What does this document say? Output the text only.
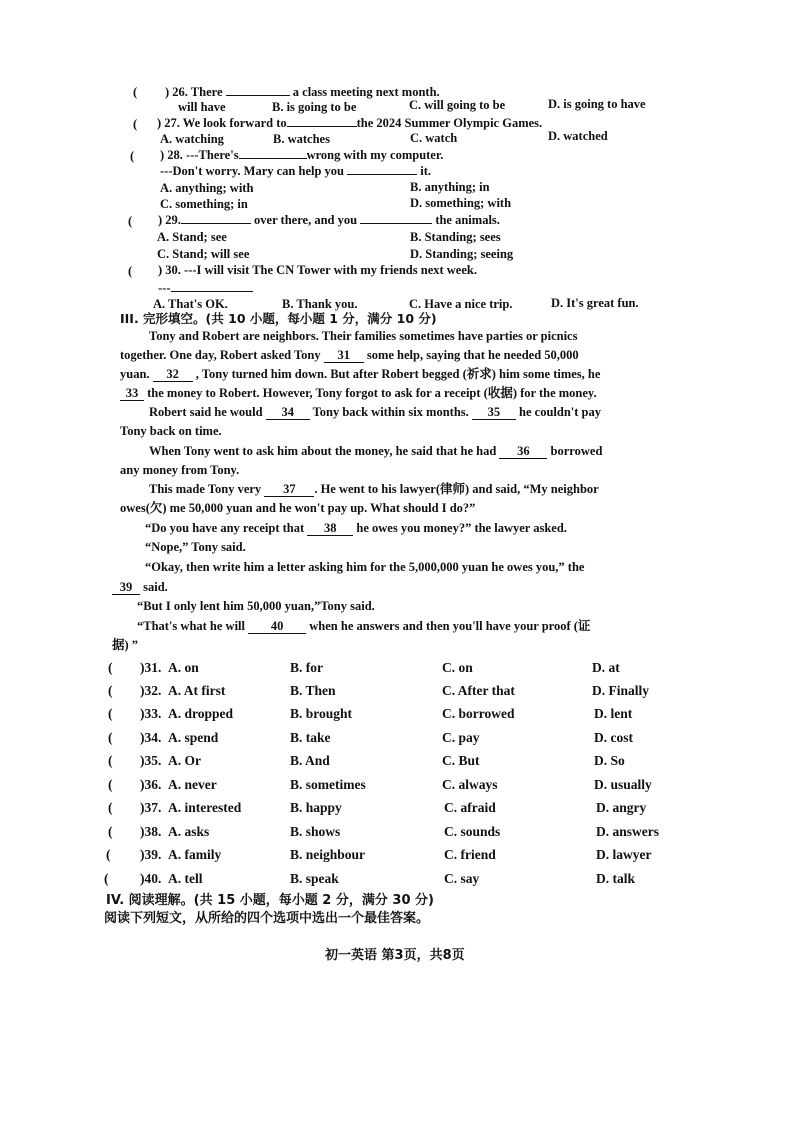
( ) 26. There	a class meeting next month.
will have	B. is going to be	C. will going to be	D. is going to have
( ) 27. We look forward to	the 2024 Summer Olympic Games.
A. watching	B. watches	C. watch	D. watched
( ) 28. ---There's	wrong with my computer.
---Don't worry. Mary can help you	it.
A. anything; with	B. anything; in
C. something; in	D. something; with
( ) 29.	over there, and you	the animals.
A. Stand; see	B. Standing; sees
C. Stand; will see	D. Standing; seeing
( ) 30. ---I will visit The CN Tower with my friends next week.
---
A. That's OK.	B. Thank you.	C. Have a nice trip.	D. It's great fun.
III. 完形填空。(共 10 小题，每小题 1 分，满分 10 分)
Tony and Robert are neighbors. Their families sometimes have parties or picnics
together. One day, Robert asked Tony 31 some help, saying that he needed 50,000
yuan. 32 , Tony turned him down. But after Robert begged (祈求) him some times, he
33 the money to Robert. However, Tony forgot to ask for a receipt (收据) for the money.
Robert said he would 34 Tony back within six months. 35 he couldn't pay
Tony back on time.
When Tony went to ask him about the money, he said that he had 36 borrowed
any money from Tony.
This made Tony very 37 . He went to his lawyer(律师) and said, “My neighbor
owes(欠) me 50,000 yuan and he won't pay up. What should I do?”
“Do you have any receipt that 38 he owes you money?” the lawyer asked.
“Nope,” Tony said.
“Okay, then write him a letter asking him for the 5,000,000 yuan he owes you,” the
39 said.
“But I only lent him 50,000 yuan,”Tony said.
“That's what he will 40 when he answers and then you'll have your proof (证
据) ”
( )31. A. on	B. for	C. on	D. at
( )32. A. At first	B. Then	C. After that	D. Finally
( )33. A. dropped	B. brought	C. borrowed	D. lent
( )34. A. spend	B. take	C. pay	D. cost
( )35. A. Or	B. And	C. But	D. So
( )36. A. never	B. sometimes	C. always	D. usually
( )37. A. interested	B. happy	C. afraid	D. angry
( )38. A. asks	B. shows	C. sounds	D. answers
( )39. A. family	B. neighbour	C. friend	D. lawyer
( )40. A. tell	B. speak	C. say	D. talk
IV. 阅读理解。(共 15 小题，每小题 2 分，满分 30 分)
阅读下列短文，从所给的四个选项中选出一个最佳答案。
初一英语 第3页，共8页
